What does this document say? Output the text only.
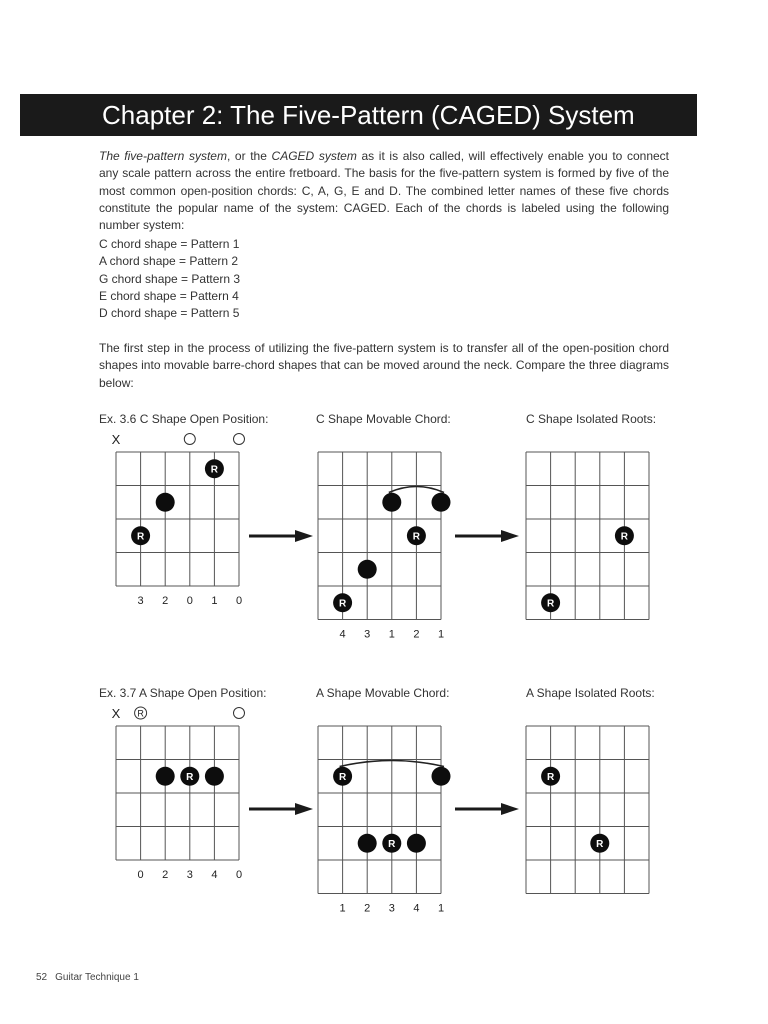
Chapter 2: The Five-Pattern (CAGED) System
The five-pattern system, or the CAGED system as it is also called, will effectively enable you to connect any scale pattern across the entire fretboard. The basis for the five-pattern system is formed by five of the most common open-position chords: C, A, G, E and D. The combined letter names of these five chords constitute the popular name of the system: CAGED. Each of the chords is labeled using the following number system:
C chord shape = Pattern 1
A chord shape = Pattern 2
G chord shape = Pattern 3
E chord shape = Pattern 4
D chord shape = Pattern 5
The first step in the process of utilizing the five-pattern system is to transfer all of the open-position chord shapes into movable barre-chord shapes that can be moved around the neck. Compare the three diagrams below:
Ex. 3.6 C Shape Open Position:	C Shape Movable Chord:	C Shape Isolated Roots:
Ex. 3.7 A Shape Open Position:	A Shape Movable Chord:	A Shape Isolated Roots:
X
R
R
3 2 0 1 0
R
R
4 3 1 2 1
R
R
X R
R
0 2 3 4 0
R
R
1 2 3 4 1
R
R
52 Guitar Technique 1
